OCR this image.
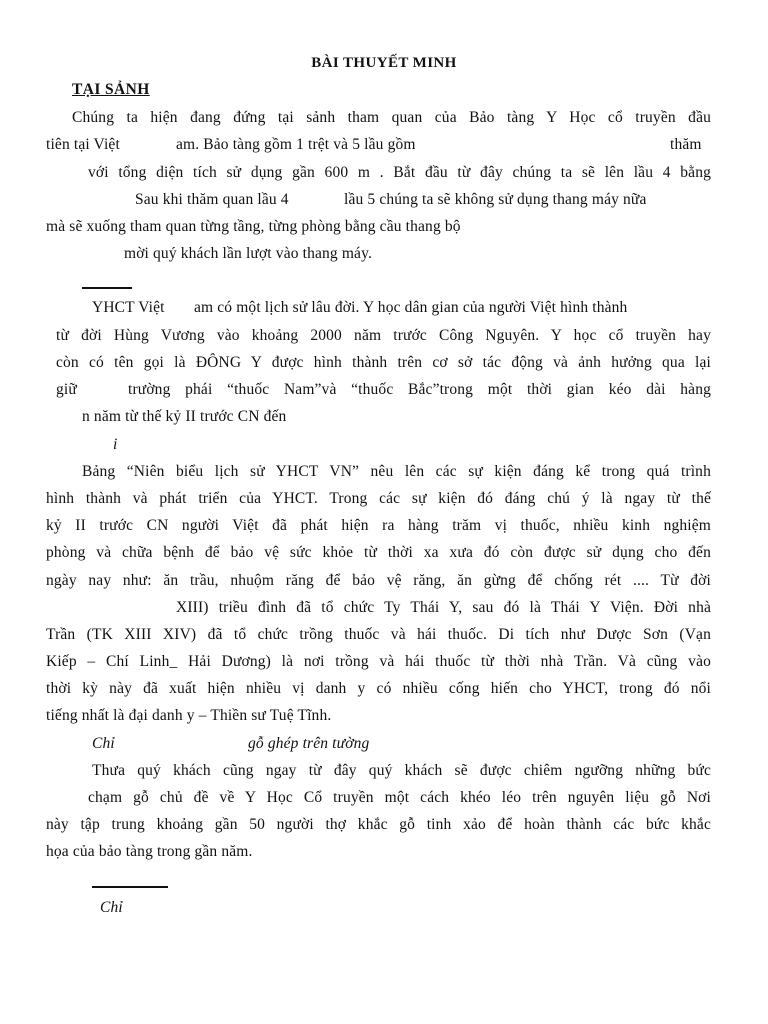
BÀI THUYẾT MINH
TẠI SẢNH
Chúng ta hiện đang đứng tại sảnh tham quan của Bảo tàng Y Học cổ truyền đầu
tiên tại Việt	am. Bảo tàng gồm 1 trệt và 5 lầu gồm	thăm
với tổng diện tích sử dụng gần 600 m . Bắt đầu từ đây chúng ta sẽ lên lầu 4 bằng
Sau khi thăm quan lầu 4	lầu 5 chúng ta sẽ không sử dụng thang máy nữa
mà sẽ xuống tham quan từng tầng, từng phòng bằng cầu thang bộ
mời quý khách lần lượt vào thang máy.
YHCT Việt am có một lịch sử lâu đời. Y học dân gian của người Việt hình thành
từ đời Hùng Vương vào khoảng 2000 năm trước Công Nguyên. Y học cổ truyền hay
còn có tên gọi là ĐÔNG Y được hình thành trên cơ sở tác động và ảnh hưởng qua lại
giữ	trường phái “thuốc Nam”và “thuốc Bắc”trong một thời gian kéo dài hàng
n năm từ thế kỷ II trước CN đến
i
Bảng “Niên biểu lịch sử YHCT VN” nêu lên các sự kiện đáng kể trong quá trình
hình thành và phát triển của YHCT. Trong các sự kiện đó đáng chú ý là ngay từ thế
kỷ II trước CN người Việt đã phát hiện ra hàng trăm vị thuốc, nhiều kinh nghiệm
phòng và chữa bệnh để bảo vệ sức khỏe từ thời xa xưa đó còn được sử dụng cho đến
ngày nay như: ăn trầu, nhuộm răng để bảo vệ răng, ăn gừng để chống rét .... Từ đời
XIII) triều đình đã tổ chức Ty Thái Y, sau đó là Thái Y Viện. Đời nhà
Trần (TK XIII XIV) đã tổ chức trồng thuốc và hái thuốc. Di tích như Dược Sơn (Vạn
Kiếp – Chí Linh_ Hải Dương) là nơi trồng và hái thuốc từ thời nhà Trần. Và cũng vào
thời kỳ này đã xuất hiện nhiều vị danh y có nhiều cống hiến cho YHCT, trong đó nổi
tiếng nhất là đại danh y – Thiền sư Tuệ Tĩnh.
Chỉ	gỗ ghép trên tường
Thưa quý khách cũng ngay từ đây quý khách sẽ được chiêm ngưỡng những bức
chạm gỗ chủ đề về Y Học Cổ truyền một cách khéo léo trên nguyên liệu gỗ Nơi
này tập trung khoảng gần 50 người thợ khắc gỗ tinh xảo để hoàn thành các bức khắc
họa của bảo tàng trong gần năm.
Chỉ
